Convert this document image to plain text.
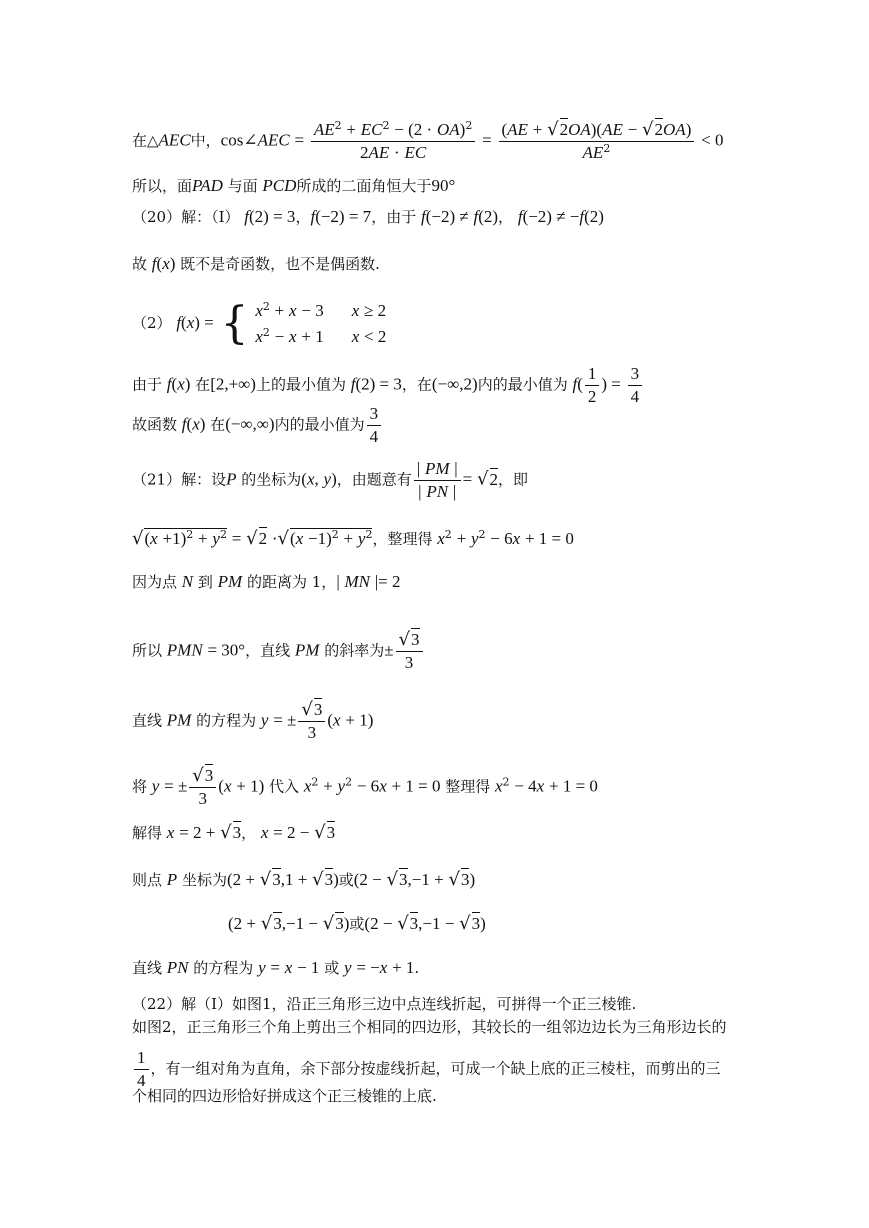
在△AEC中，cos∠AEC = $\frac{AE^2 + EC^2 - (2 \cdot OA)^2}{2AE \cdot EC} = \frac{(AE + √2OA)(AE - √2OA)}{AE^2} < 0$
所以，面PAD 与面 PCD所成的二面角恒大于90°
（20）解：（I） f(2) = 3，f(−2) = 7，由于 f(−2) ≠ f(2)， f(−2) ≠ −f(2)
故 f(x) 既不是奇函数，也不是偶函数.
（2） f(x) = { $x^2 + x - 3$ x ≥ 2
$x^2 - x + 1$ x < 2
由于 f(x) 在[2,+∞)上的最小值为 f(2) = 3，在(−∞,2)内的最小值为 $f( \frac{1}{2}$ ) = $\frac{3}{4}$
故函数 f(x) 在(−∞,∞)内的最小值为 $\frac{3}{4}$
（21）解：设P 的坐标为(x, y)，由题意有 $\frac{| PM |}{| PN |} = √2$，即
$√(x +1)^2 + y^2 = √2 \cdot√(x -1)^2 + y^2$，整理得 $x^2 + y^2 - 6x + 1 = 0$
因为点 N 到 PM 的距离为 1，| MN |= 2
所以 PMN = 30°，直线 PM 的斜率为± $\frac{√3}{3}$
直线 PM 的方程为 y = ± $\frac{√3}{3} (x + 1)$
将 y = ± $\frac{√3}{3} (x + 1)$ 代入 $x^2 + y^2 - 6x + 1 = 0$ 整理得 $x^2 - 4x + 1 = 0$
解得 x = 2 + √3， x = 2 − √3
则点 P 坐标为(2 + √3,1 + √3)或(2 − √3,−1 + √3)
(2 + √3,−1 − √3)或(2 − √3,−1 − √3)
直线 PN 的方程为 y = x − 1 或 y = −x + 1.
（22）解（I）如图1，沿正三角形三边中点连线折起，可拼得一个正三棱锥.
如图2，正三角形三个角上剪出三个相同的四边形，其较长的一组邻边边长为三角形边长的
$\frac{1}{4}$ ，有一组对角为直角，余下部分按虚线折起，可成一个缺上底的正三棱柱，而剪出的三
个相同的四边形恰好拼成这个正三棱锥的上底.
